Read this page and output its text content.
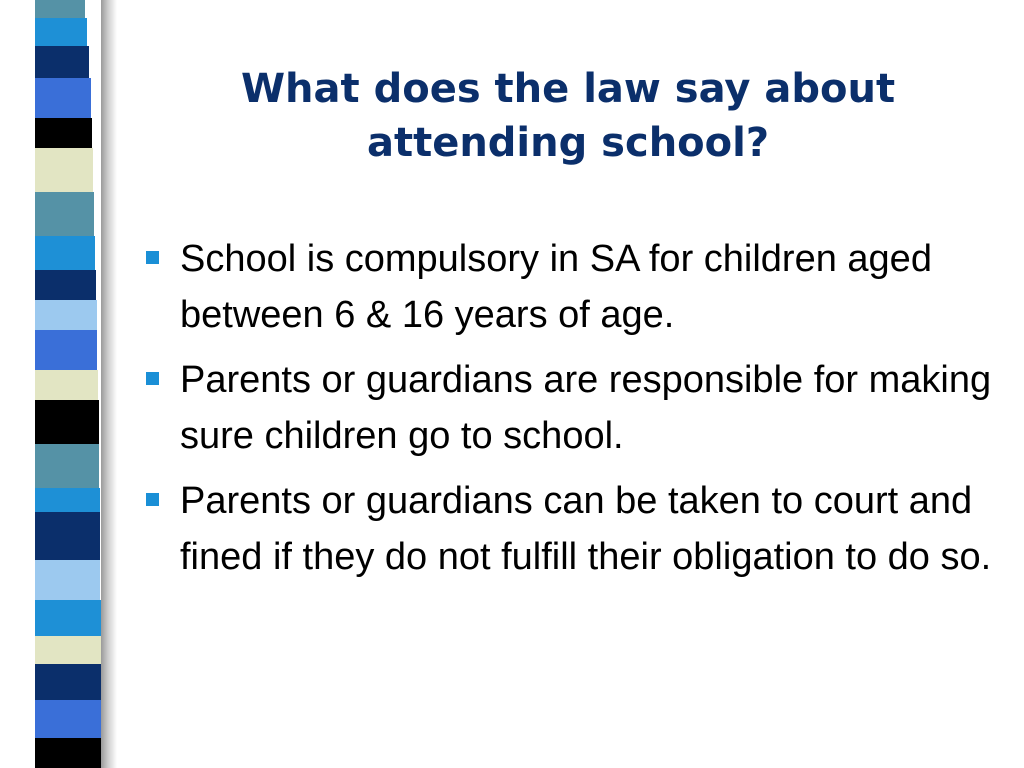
What does the law say about attending school?
School is compulsory in SA for children aged between 6 & 16 years of age.
Parents or guardians are responsible for making sure children go to school.
Parents or guardians can be taken to court and fined if they do not fulfill their obligation to do so.
